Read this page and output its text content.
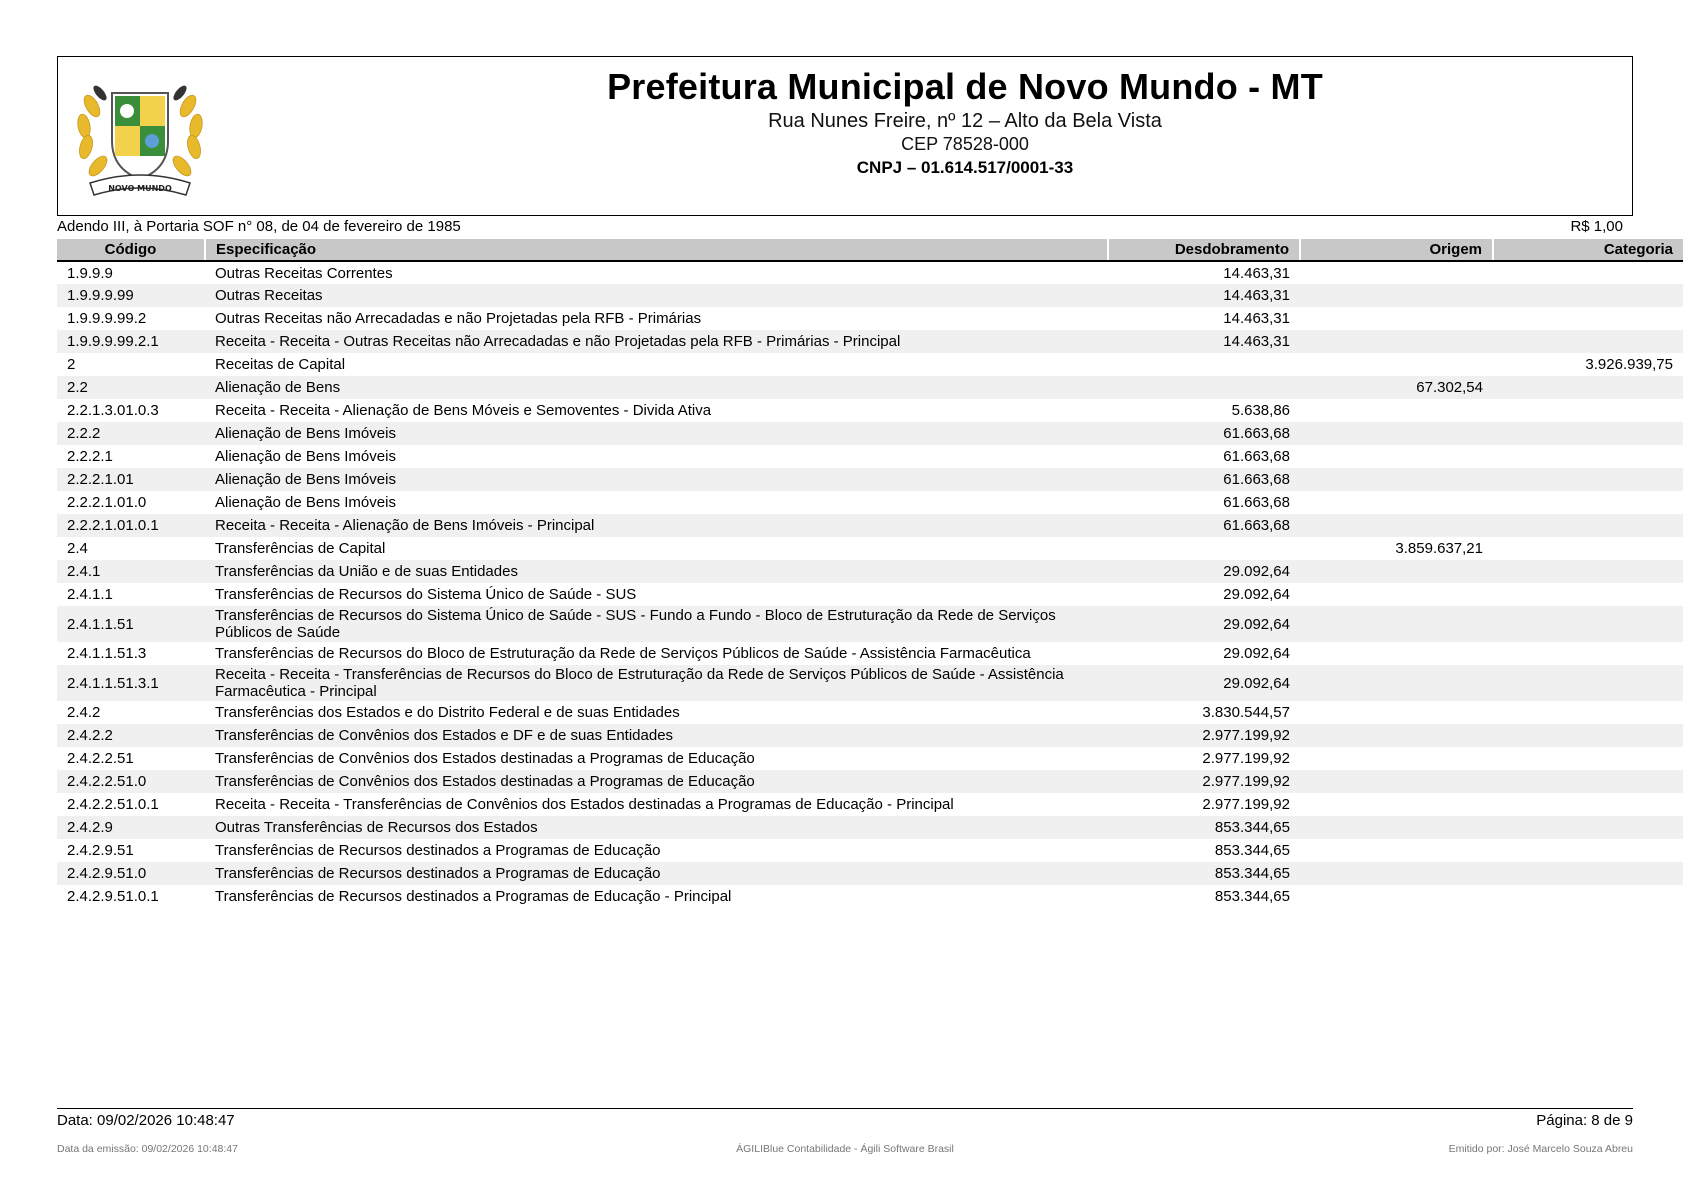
NOVO MUNDO
Prefeitura Municipal de Novo Mundo - MT
Rua Nunes Freire, nº 12 – Alto da Bela Vista
CEP 78528-000
CNPJ – 01.614.517/0001-33
Adendo III, à Portaria SOF n° 08, de 04 de fevereiro de 1985	R$ 1,00
Código	Especificação	Desdobramento	Origem	Categoria
1.9.9.9	Outras Receitas Correntes	14.463,31		
1.9.9.9.99	Outras Receitas	14.463,31		
1.9.9.9.99.2	Outras Receitas não Arrecadadas e não Projetadas pela RFB - Primárias	14.463,31		
1.9.9.9.99.2.1	Receita - Receita - Outras Receitas não Arrecadadas e não Projetadas pela RFB - Primárias - Principal	14.463,31		
2	Receitas de Capital			3.926.939,75
2.2	Alienação de Bens		67.302,54	
2.2.1.3.01.0.3	Receita - Receita - Alienação de Bens Móveis e Semoventes - Divida Ativa	5.638,86		
2.2.2	Alienação de Bens Imóveis	61.663,68		
2.2.2.1	Alienação de Bens Imóveis	61.663,68		
2.2.2.1.01	Alienação de Bens Imóveis	61.663,68		
2.2.2.1.01.0	Alienação de Bens Imóveis	61.663,68		
2.2.2.1.01.0.1	Receita - Receita - Alienação de Bens Imóveis - Principal	61.663,68		
2.4	Transferências de Capital		3.859.637,21	
2.4.1	Transferências da União e de suas Entidades	29.092,64		
2.4.1.1	Transferências de Recursos do Sistema Único de Saúde - SUS	29.092,64		
2.4.1.1.51	Transferências de Recursos do Sistema Único de Saúde - SUS - Fundo a Fundo - Bloco de Estruturação da Rede de Serviços Públicos de Saúde	29.092,64		
2.4.1.1.51.3	Transferências de Recursos do Bloco de Estruturação da Rede de Serviços Públicos de Saúde - Assistência Farmacêutica	29.092,64		
2.4.1.1.51.3.1	Receita - Receita - Transferências de Recursos do Bloco de Estruturação da Rede de Serviços Públicos de Saúde - Assistência Farmacêutica - Principal	29.092,64		
2.4.2	Transferências dos Estados e do Distrito Federal e de suas Entidades	3.830.544,57		
2.4.2.2	Transferências de Convênios dos Estados e DF e de suas Entidades	2.977.199,92		
2.4.2.2.51	Transferências de Convênios dos Estados destinadas a Programas de Educação	2.977.199,92		
2.4.2.2.51.0	Transferências de Convênios dos Estados destinadas a Programas de Educação	2.977.199,92		
2.4.2.2.51.0.1	Receita - Receita - Transferências de Convênios dos Estados destinadas a Programas de Educação - Principal	2.977.199,92		
2.4.2.9	Outras Transferências de Recursos dos Estados	853.344,65		
2.4.2.9.51	Transferências de Recursos destinados a Programas de Educação	853.344,65		
2.4.2.9.51.0	Transferências de Recursos destinados a Programas de Educação	853.344,65		
2.4.2.9.51.0.1	Transferências de Recursos destinados a Programas de Educação - Principal	853.344,65		
Data: 09/02/2026 10:48:47	Página: 8 de 9
Data da emissão: 09/02/2026 10:48:47	ÁGILIBlue Contabilidade - Ágili Software Brasil	Emitido por: José Marcelo Souza Abreu
